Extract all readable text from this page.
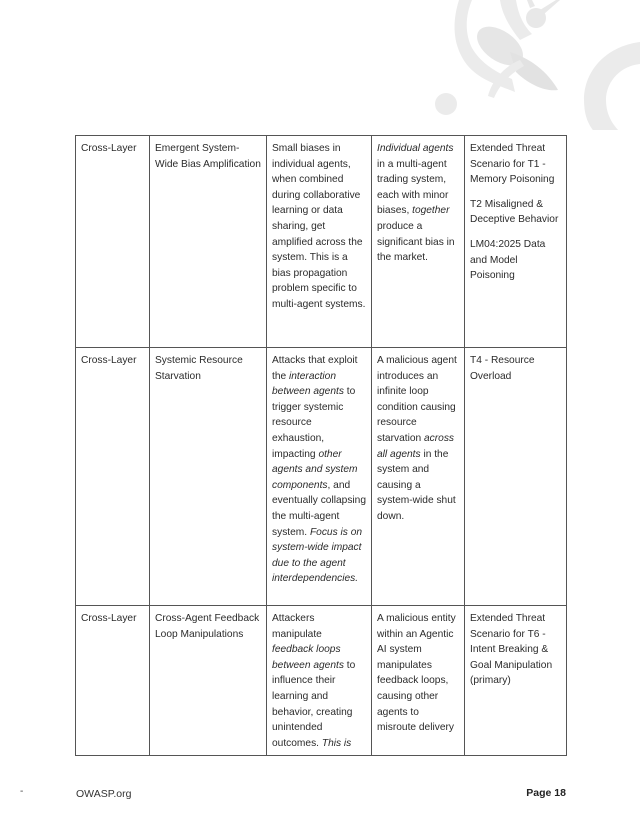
Cross-Layer	Emergent System-Wide Bias Amplification	Small biases in individual agents, when combined during collaborative learning or data sharing, get amplified across the system. This is a bias propagation problem specific to multi-agent systems.	Individual agents in a multi-agent trading system, each with minor biases, together produce a significant bias in the market.	Extended Threat Scenario for T1 - Memory Poisoning
T2 Misaligned & Deceptive Behavior
LM04:2025 Data and Model Poisoning

Cross-Layer	Systemic Resource Starvation	Attacks that exploit the interaction between agents to trigger systemic resource exhaustion, impacting other agents and system components, and eventually collapsing the multi-agent system. Focus is on system-wide impact due to the agent interdependencies.	A malicious agent introduces an infinite loop condition causing resource starvation across all agents in the system and causing a system-wide shut down.	T4 - Resource Overload

Cross-Layer	Cross-Agent Feedback Loop Manipulations	Attackers manipulate feedback loops between agents to influence their learning and behavior, creating unintended outcomes. This is	A malicious entity within an Agentic AI system manipulates feedback loops, causing other agents to misroute delivery	Extended Threat Scenario for T6 - Intent Breaking & Goal Manipulation (primary)
-	OWASP.org	Page 18
